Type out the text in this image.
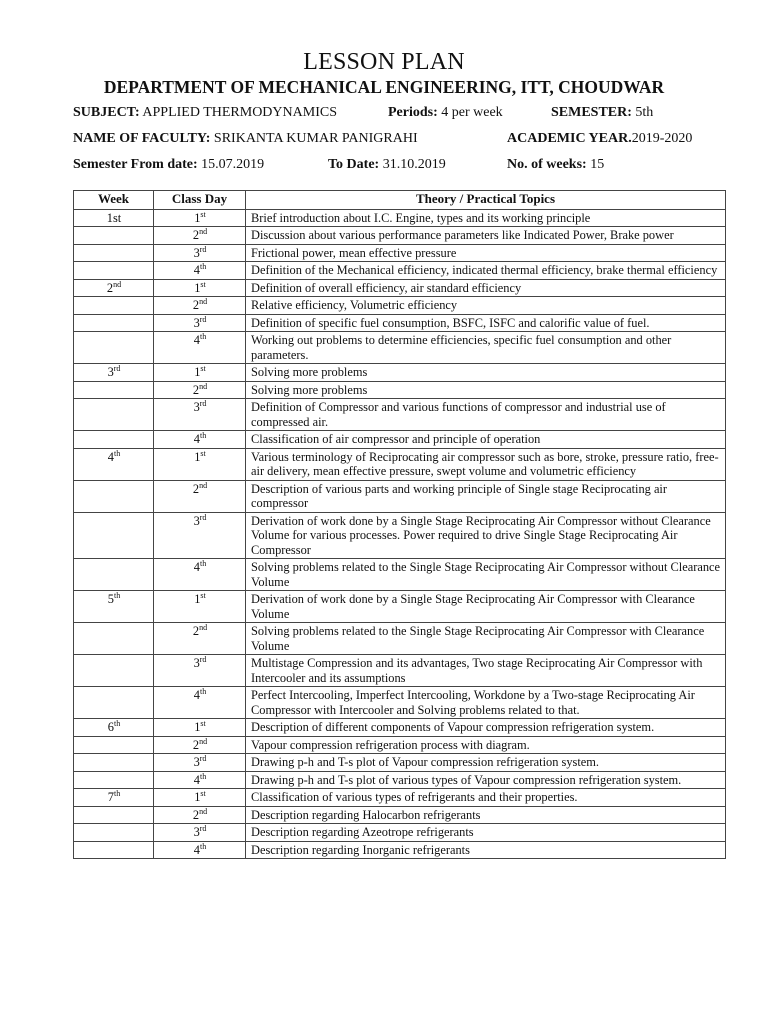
LESSON PLAN
DEPARTMENT OF MECHANICAL ENGINEERING, ITT, CHOUDWAR
SUBJECT: APPLIED THERMODYNAMICS	Periods: 4 per week	SEMESTER: 5th
NAME OF FACULTY: SRIKANTA KUMAR PANIGRAHI	ACADEMIC YEAR.2019-2020
Semester From date: 15.07.2019	To Date: 31.10.2019	No. of weeks: 15
Week	Class Day	Theory / Practical Topics
1st	1st	Brief introduction about I.C. Engine, types and its working principle
	2nd	Discussion about various performance parameters like Indicated Power, Brake power
	3rd	Frictional power, mean effective pressure
	4th	Definition of the Mechanical efficiency, indicated thermal efficiency, brake thermal efficiency
2nd	1st	Definition of overall efficiency, air standard efficiency
	2nd	Relative efficiency, Volumetric efficiency
	3rd	Definition of specific fuel consumption, BSFC, ISFC and calorific value of fuel.
	4th	Working out problems to determine efficiencies, specific fuel consumption and other parameters.
3rd	1st	Solving more problems
	2nd	Solving more problems
	3rd	Definition of Compressor and various functions of compressor and industrial use of compressed air.
	4th	Classification of air compressor and principle of operation
4th	1st	Various terminology of Reciprocating air compressor such as bore, stroke, pressure ratio, free-air delivery, mean effective pressure, swept volume and volumetric efficiency
	2nd	Description of various parts and working principle of Single stage Reciprocating air compressor
	3rd	Derivation of work done by a Single Stage Reciprocating Air Compressor without Clearance Volume for various processes. Power required to drive Single Stage Reciprocating Air Compressor
	4th	Solving problems related to the Single Stage Reciprocating Air Compressor without Clearance Volume
5th	1st	Derivation of work done by a Single Stage Reciprocating Air Compressor with Clearance Volume
	2nd	Solving problems related to the Single Stage Reciprocating Air Compressor with Clearance Volume
	3rd	Multistage Compression and its advantages, Two stage Reciprocating Air Compressor with Intercooler and its assumptions
	4th	Perfect Intercooling, Imperfect Intercooling, Workdone by a Two-stage Reciprocating Air Compressor with Intercooler and Solving problems related to that.
6th	1st	Description of different components of Vapour compression refrigeration system.
	2nd	Vapour compression refrigeration process with diagram.
	3rd	Drawing p-h and T-s plot of Vapour compression refrigeration system.
	4th	Drawing p-h and T-s plot of various types of Vapour compression refrigeration system.
7th	1st	Classification of various types of refrigerants and their properties.
	2nd	Description regarding Halocarbon refrigerants
	3rd	Description regarding Azeotrope refrigerants
	4th	Description regarding Inorganic refrigerants
